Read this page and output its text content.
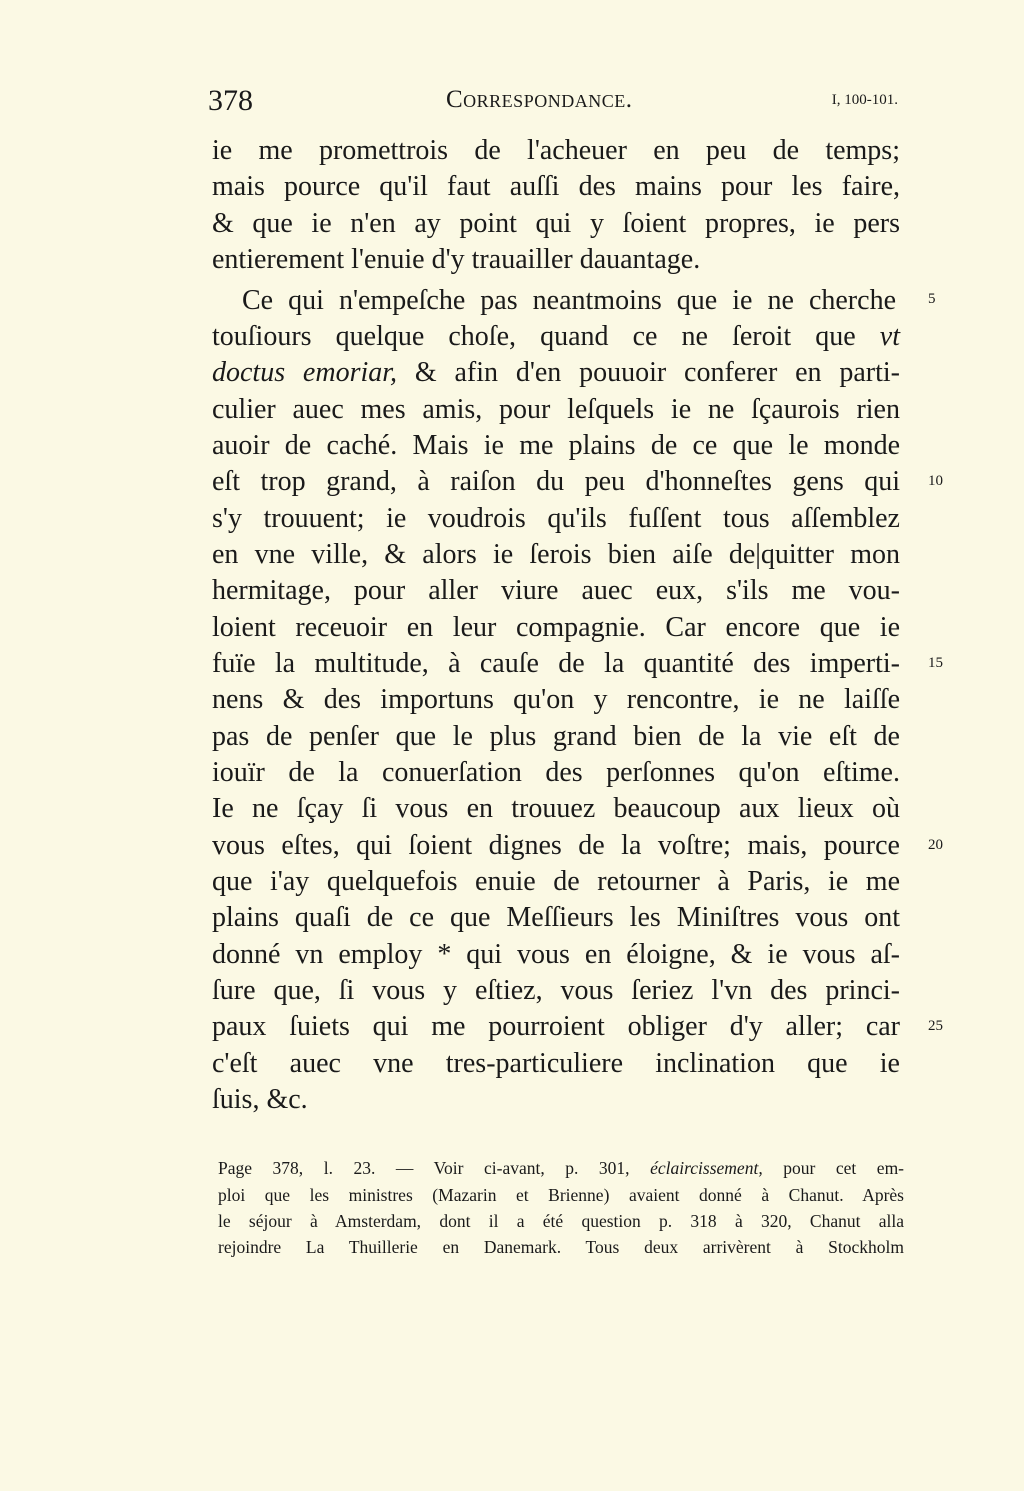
378	Correspondance.	I, 100-101.
ie me promettrois de l'acheuer en peu de temps;
mais pource qu'il faut auſſi des mains pour les faire,
& que ie n'en ay point qui y ſoient propres, ie pers
entierement l'enuie d'y trauailler dauantage.
Ce qui n'empeſche pas neantmoins que ie ne cherche
touſiours quelque choſe, quand ce ne ſeroit que vt
doctus emoriar, & afin d'en pouuoir conferer en parti-
culier auec mes amis, pour leſquels ie ne ſçaurois rien
auoir de caché. Mais ie me plains de ce que le monde
eſt trop grand, à raiſon du peu d'honneſtes gens qui
s'y trouuent; ie voudrois qu'ils fuſſent tous aſſemblez
en vne ville, & alors ie ſerois bien aiſe de|quitter mon
hermitage, pour aller viure auec eux, s'ils me vou-
loient receuoir en leur compagnie. Car encore que ie
fuïe la multitude, à cauſe de la quantité des imperti-
nens & des importuns qu'on y rencontre, ie ne laiſſe
pas de penſer que le plus grand bien de la vie eſt de
iouïr de la conuerſation des perſonnes qu'on eſtime.
Ie ne ſçay ſi vous en trouuez beaucoup aux lieux où
vous eſtes, qui ſoient dignes de la voſtre; mais, pource
que i'ay quelquefois enuie de retourner à Paris, ie me
plains quaſi de ce que Meſſieurs les Miniſtres vous ont
donné vn employ * qui vous en éloigne, & ie vous aſ-
ſure que, ſi vous y eſtiez, vous ſeriez l'vn des princi-
paux ſuiets qui me pourroient obliger d'y aller; car
c'eſt auec vne tres-particuliere inclination que ie
ſuis, &c.
5
10
15
20
25
Page 378, l. 23. — Voir ci-avant, p. 301, éclaircissement, pour cet em-
ploi que les ministres (Mazarin et Brienne) avaient donné à Chanut. Après
le séjour à Amsterdam, dont il a été question p. 318 à 320, Chanut alla
rejoindre La Thuillerie en Danemark. Tous deux arrivèrent à Stockholm
